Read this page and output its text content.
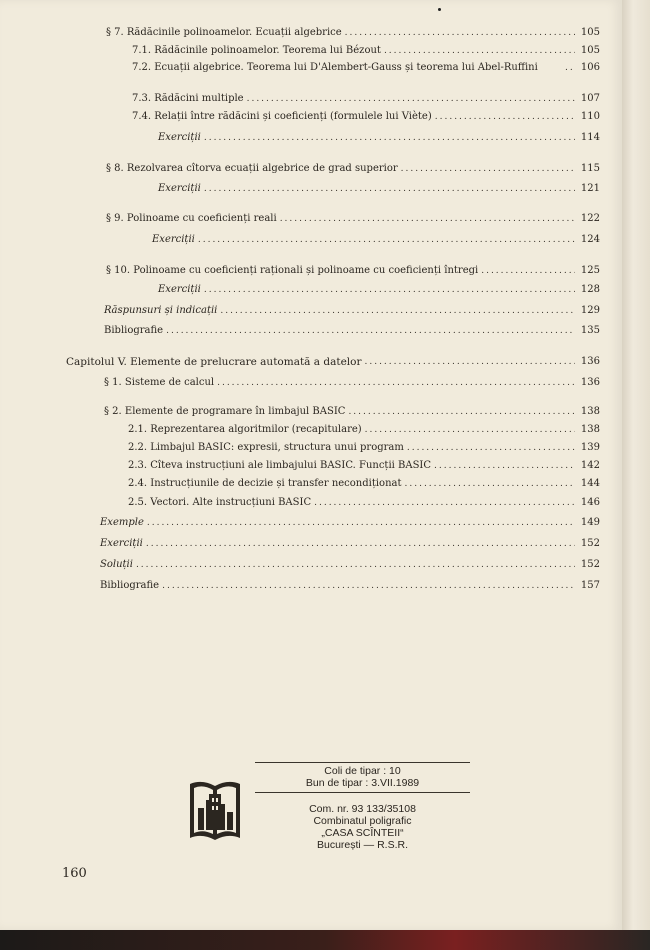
§ 7. Rădăcinile polinoamelor. Ecuații algebrice .....	105
7.1. Rădăcinile polinoamelor. Teorema lui Bézout .....	105
7.2. Ecuații algebrice. Teorema lui D'Alembert-Gauss și teorema lui Abel-Ruffini .....	106
7.3. Rădăcini multiple .....	107
7.4. Relații între rădăcini și coeficienți (formulele lui Viète) .....	110
Exerciții .....	114
§ 8. Rezolvarea cîtorva ecuații algebrice de grad superior .....	115
Exerciții .....	121
§ 9. Polinoame cu coeficienți reali .....	122
Exerciții .....	124
§ 10. Polinoame cu coeficienți raționali și polinoame cu coeficienți întregi .....	125
Exerciții .....	128
Răspunsuri și indicații .....	129
Bibliografie .....	135
Capitolul V. Elemente de prelucrare automată a datelor .....	136
§ 1. Sisteme de calcul .....	136
§ 2. Elemente de programare în limbajul BASIC .....	138
2.1. Reprezentarea algoritmilor (recapitulare) .....	138
2.2. Limbajul BASIC: expresii, structura unui program .....	139
2.3. Cîteva instrucțiuni ale limbajului BASIC. Funcții BASIC .....	142
2.4. Instrucțiunile de decizie și transfer necondiționat .....	144
2.5. Vectori. Alte instrucțiuni BASIC .....	146
Exemple .....	149
Exerciții .....	152
Soluții .....	152
Bibliografie .....	157
Coli de tipar : 10
Bun de tipar : 3.VII.1989
Com. nr. 93 133/35108
Combinatul poligrafic
„CASA SCÎNTEII“
București — R.S.R.
160
